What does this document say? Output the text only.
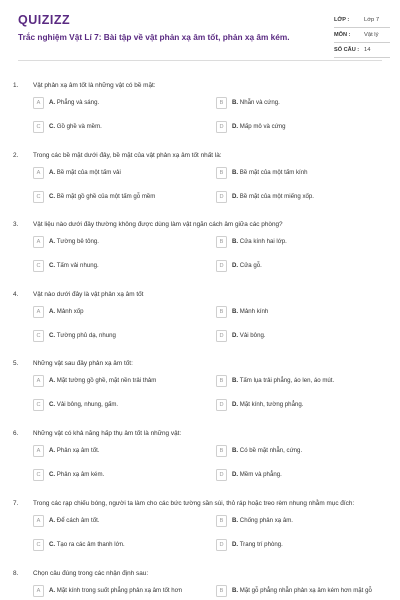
QUIZIZZ
Trắc nghiệm Vật Lí 7: Bài tập về vật phản xạ âm tốt, phản xạ âm kém.
LỚP :	Lớp 7
MÔN : Vật lý
SỐ CÂU : 14
1. Vật phản xạ âm tốt là những vật có bề mặt:
A	A. Phẳng và sáng.	B	B. Nhẵn và cứng.
C	C. Gồ ghề và mềm.	D	D. Mấp mô và cứng
2. Trong các bề mặt dưới đây, bề mặt của vật phản xạ âm tốt nhất là:
A	A. Bề mặt của một tấm vải	B	B. Bề mặt của một tấm kính
C	C. Bề mặt gồ ghề của một tấm gỗ mềm	D	D. Bề mặt của một miếng xốp.
3. Vật liệu nào dưới đây thường không được dùng làm vật ngăn cách âm giữa các phòng?
A	A. Tường bê tông.	B	B. Cửa kính hai lớp.
C	C. Tấm vải nhung.	D	D. Cửa gỗ.
4. Vật nào dưới đây là vật phản xạ âm tốt
A	A. Mảnh xốp	B	B. Mảnh kính
C	C. Tường phủ dạ, nhung	D	D. Vải bông.
5. Những vật sau đây phản xạ âm tốt:
A	A. Mặt tường gồ ghề, mặt nền trải thảm	B	B. Tấm lụa trải phẳng, áo len, áo mút.
C	C. Vải bông, nhung, gấm.	D	D. Mặt kính, tường phẳng.
6. Những vật có khả năng hấp thụ âm tốt là những vật:
A	A. Phản xạ âm tốt.	B	B. Có bề mặt nhẵn, cứng.
C	C. Phản xạ âm kém.	D	D. Mềm và phẳng.
7. Trong các rạp chiếu bóng, người ta làm cho các bức tường sần sùi, thỏ ráp hoặc treo rèm nhung nhằm mục đích:
A	A. Để cách âm tốt.	B	B. Chống phản xạ âm.
C	C. Tạo ra các âm thanh lớn.	D	D. Trang trí phòng.
8. Chọn câu đúng trong các nhận định sau:
A	A. Mặt kính trong suốt phẳng phản xạ âm tốt hơn	B	B. Mặt gỗ phẳng nhẵn phản xạ âm kém hơn mặt gỗ
